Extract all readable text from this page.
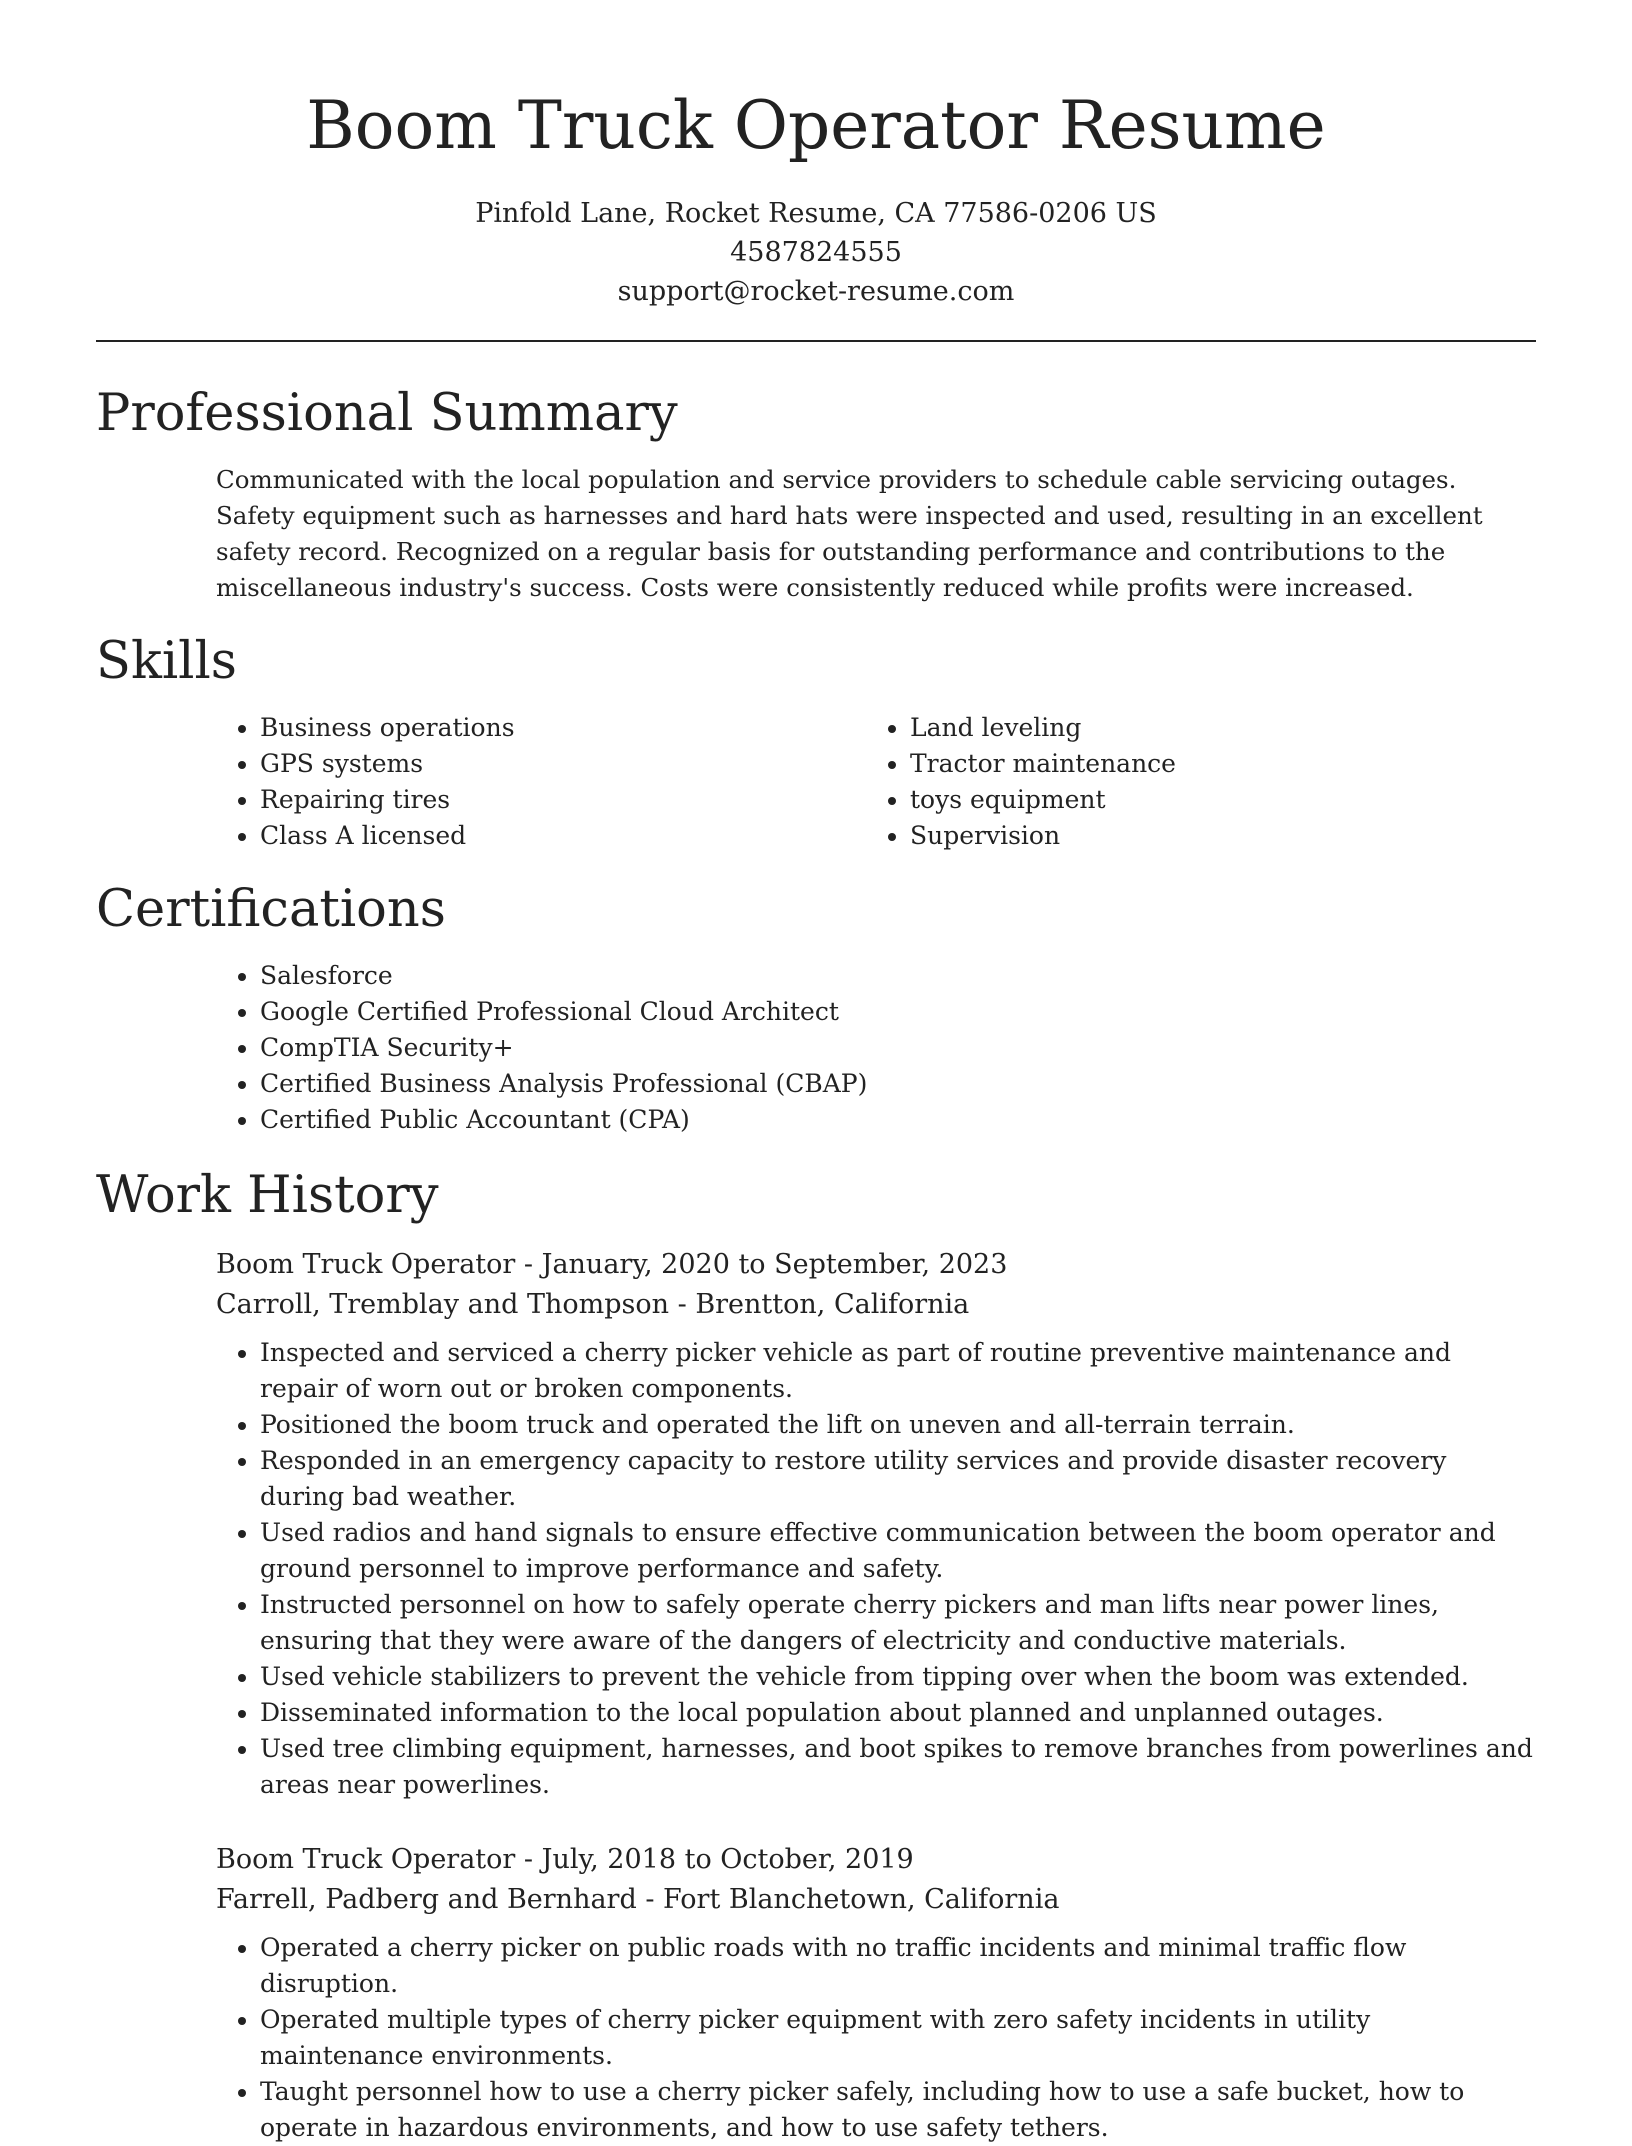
Boom Truck Operator Resume
Pinfold Lane, Rocket Resume, CA 77586-0206 US
4587824555
support@rocket-resume.com
Professional Summary

Communicated with the local population and service providers to schedule cable servicing outages. Safety equipment such as harnesses and hard hats were inspected and used, resulting in an excellent safety record. Recognized on a regular basis for outstanding performance and contributions to the miscellaneous industry's success. Costs were consistently reduced while profits were increased.

Skills
• Business operations
• GPS systems
• Repairing tires
• Class A licensed
• Land leveling
• Tractor maintenance
• toys equipment
• Supervision
Certifications
• Salesforce
• Google Certified Professional Cloud Architect
• CompTIA Security+
• Certified Business Analysis Professional (CBAP)
• Certified Public Accountant (CPA)
Work History
Boom Truck Operator - January, 2020 to September, 2023
Carroll, Tremblay and Thompson - Brentton, California
• Inspected and serviced a cherry picker vehicle as part of routine preventive maintenance and repair of worn out or broken components.
• Positioned the boom truck and operated the lift on uneven and all-terrain terrain.
• Responded in an emergency capacity to restore utility services and provide disaster recovery during bad weather.
• Used radios and hand signals to ensure effective communication between the boom operator and ground personnel to improve performance and safety.
• Instructed personnel on how to safely operate cherry pickers and man lifts near power lines, ensuring that they were aware of the dangers of electricity and conductive materials.
• Used vehicle stabilizers to prevent the vehicle from tipping over when the boom was extended.
• Disseminated information to the local population about planned and unplanned outages.
• Used tree climbing equipment, harnesses, and boot spikes to remove branches from powerlines and areas near powerlines.
Boom Truck Operator - July, 2018 to October, 2019
Farrell, Padberg and Bernhard - Fort Blanchetown, California
• Operated a cherry picker on public roads with no traffic incidents and minimal traffic flow disruption.
• Operated multiple types of cherry picker equipment with zero safety incidents in utility maintenance environments.
• Taught personnel how to use a cherry picker safely, including how to use a safe bucket, how to operate in hazardous environments, and how to use safety tethers.
